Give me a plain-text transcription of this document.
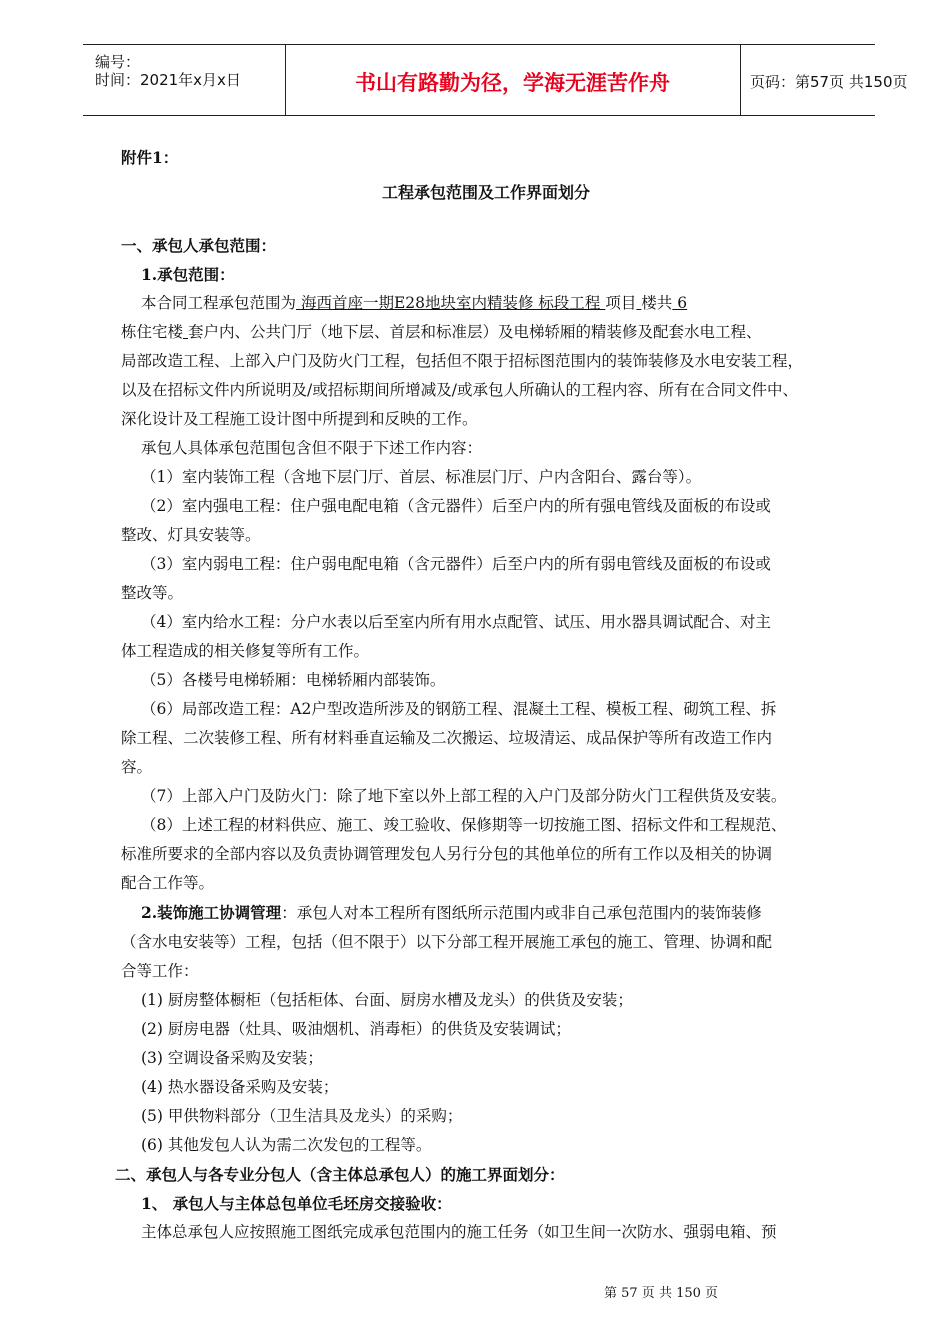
编号：
时间：2021年x月x日	书山有路勤为径，学海无涯苦作舟	页码：第57页 共150页

附件1：

工程承包范围及工作界面划分

一、承包人承包范围：

1.承包范围：

本合同工程承包范围为 海西首座一期E28地块室内精装修 标段工程 项目 楼共 6
栋住宅楼 套户内、公共门厅（地下层、首层和标准层）及电梯轿厢的精装修及配套水电工程、
局部改造工程、上部入户门及防火门工程，包括但不限于招标图范围内的装饰装修及水电安装工程，
以及在招标文件内所说明及/或招标期间所增减及/或承包人所确认的工程内容、所有在合同文件中、
深化设计及工程施工设计图中所提到和反映的工作。

承包人具体承包范围包含但不限于下述工作内容：

（1）室内装饰工程（含地下层门厅、首层、标准层门厅、户内含阳台、露台等）。

（2）室内强电工程：住户强电配电箱（含元器件）后至户内的所有强电管线及面板的布设或
整改、灯具安装等。

（3）室内弱电工程：住户弱电配电箱（含元器件）后至户内的所有弱电管线及面板的布设或
整改等。

（4）室内给水工程：分户水表以后至室内所有用水点配管、试压、用水器具调试配合、对主
体工程造成的相关修复等所有工作。

（5）各楼号电梯轿厢：电梯轿厢内部装饰。

（6）局部改造工程：A2户型改造所涉及的钢筋工程、混凝土工程、模板工程、砌筑工程、拆
除工程、二次装修工程、所有材料垂直运输及二次搬运、垃圾清运、成品保护等所有改造工作内
容。

（7）上部入户门及防火门：除了地下室以外上部工程的入户门及部分防火门工程供货及安装。

（8）上述工程的材料供应、施工、竣工验收、保修期等一切按施工图、招标文件和工程规范、
标准所要求的全部内容以及负责协调管理发包人另行分包的其他单位的所有工作以及相关的协调
配合工作等。

2.装饰施工协调管理：承包人对本工程所有图纸所示范围内或非自己承包范围内的装饰装修
（含水电安装等）工程，包括（但不限于）以下分部工程开展施工承包的施工、管理、协调和配
合等工作：

(1) 厨房整体橱柜（包括柜体、台面、厨房水槽及龙头）的供货及安装；

(2) 厨房电器（灶具、吸油烟机、消毒柜）的供货及安装调试；

(3) 空调设备采购及安装；

(4) 热水器设备采购及安装；

(5) 甲供物料部分（卫生洁具及龙头）的采购；

(6) 其他发包人认为需二次发包的工程等。

二、承包人与各专业分包人（含主体总承包人）的施工界面划分：

1、 承包人与主体总包单位毛坯房交接验收：

主体总承包人应按照施工图纸完成承包范围内的施工任务（如卫生间一次防水、强弱电箱、预

第 57 页 共 150 页
